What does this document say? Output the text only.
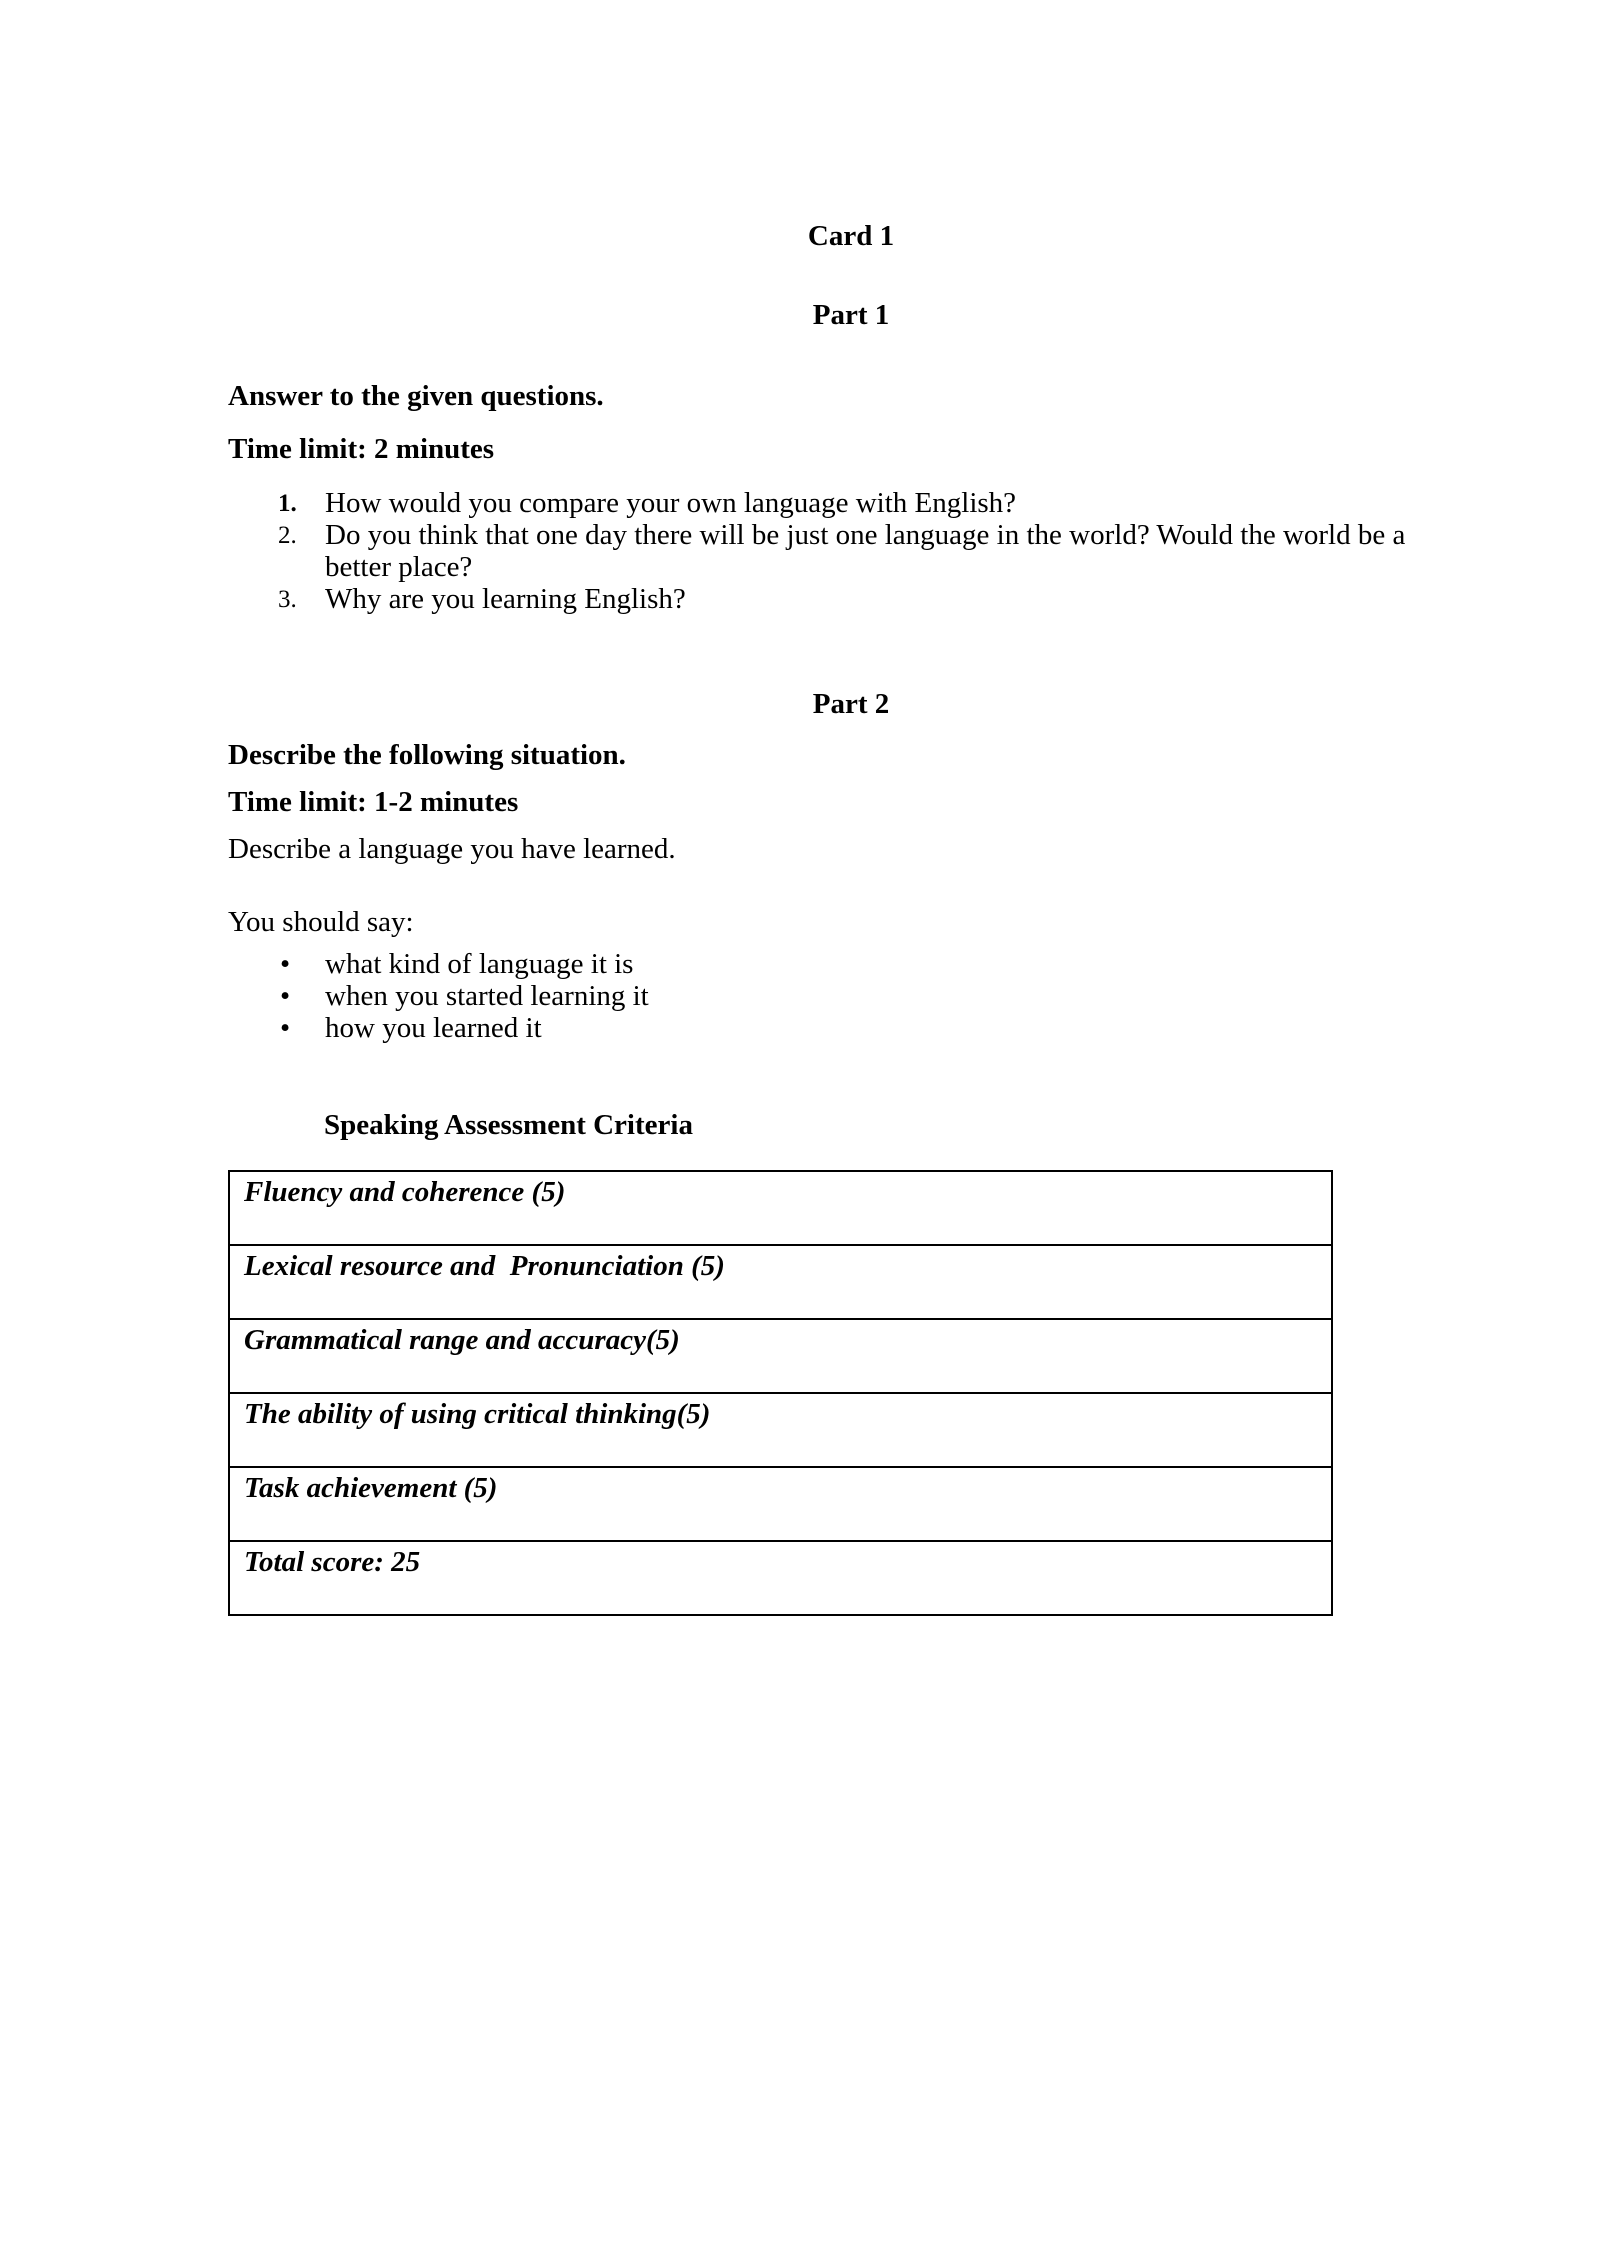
Card 1
Part 1
Answer to the given questions.
Time limit: 2 minutes
1. How would you compare your own language with English?
2. Do you think that one day there will be just one language in the world? Would the world be a better place?
3. Why are you learning English?
Part 2
Describe the following situation.
Time limit: 1-2 minutes
Describe a language you have learned.
You should say:
• what kind of language it is
• when you started learning it
• how you learned it
Speaking Assessment Criteria
Fluency and coherence (5)
Lexical resource and  Pronunciation (5)
Grammatical range and accuracy(5)
The ability of using critical thinking(5)
Task achievement (5)
Total score: 25
